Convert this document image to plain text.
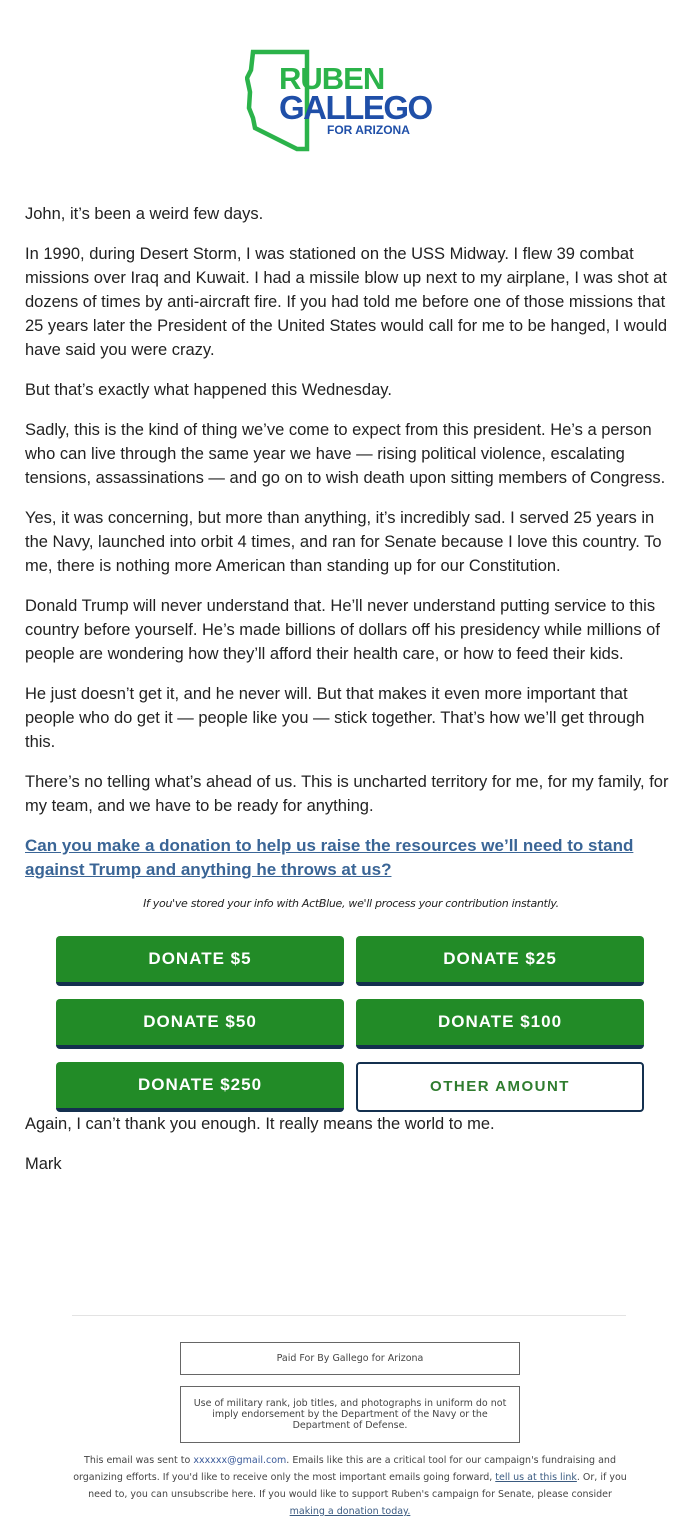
RUBEN
GALLEGO
FOR ARIZONA

John, it’s been a weird few days.

In 1990, during Desert Storm, I was stationed on the USS Midway. I flew 39 combat missions over Iraq and Kuwait. I had a missile blow up next to my airplane, I was shot at dozens of times by anti-aircraft fire. If you had told me before one of those missions that 25 years later the President of the United States would call for me to be hanged, I would have said you were crazy.

But that’s exactly what happened this Wednesday.

Sadly, this is the kind of thing we’ve come to expect from this president. He’s a person who can live through the same year we have — rising political violence, escalating tensions, assassinations — and go on to wish death upon sitting members of Congress.

Yes, it was concerning, but more than anything, it’s incredibly sad. I served 25 years in the Navy, launched into orbit 4 times, and ran for Senate because I love this country. To me, there is nothing more American than standing up for our Constitution.

Donald Trump will never understand that. He’ll never understand putting service to this country before yourself. He’s made billions of dollars off his presidency while millions of people are wondering how they’ll afford their health care, or how to feed their kids.

He just doesn’t get it, and he never will. But that makes it even more important that people who do get it — people like you — stick together. That’s how we’ll get through this.

There’s no telling what’s ahead of us. This is uncharted territory for me, for my family, for my team, and we have to be ready for anything.

Can you make a donation to help us raise the resources we’ll need to stand against Trump and anything he throws at us?

If you've stored your info with ActBlue, we'll process your contribution instantly.
DONATE $5	DONATE $25
DONATE $50	DONATE $100
DONATE $250	OTHER AMOUNT

Again, I can’t thank you enough. It really means the world to me.

Mark

Paid For By Gallego for Arizona
Use of military rank, job titles, and photographs in uniform do not imply endorsement by the Department of the Navy or the Department of Defense.
This email was sent to xxxxxx@gmail.com. Emails like this are a critical tool for our campaign's fundraising and organizing efforts. If you'd like to receive only the most important emails going forward, tell us at this link. Or, if you need to, you can unsubscribe here. If you would like to support Ruben's campaign for Senate, please consider making a donation today.
